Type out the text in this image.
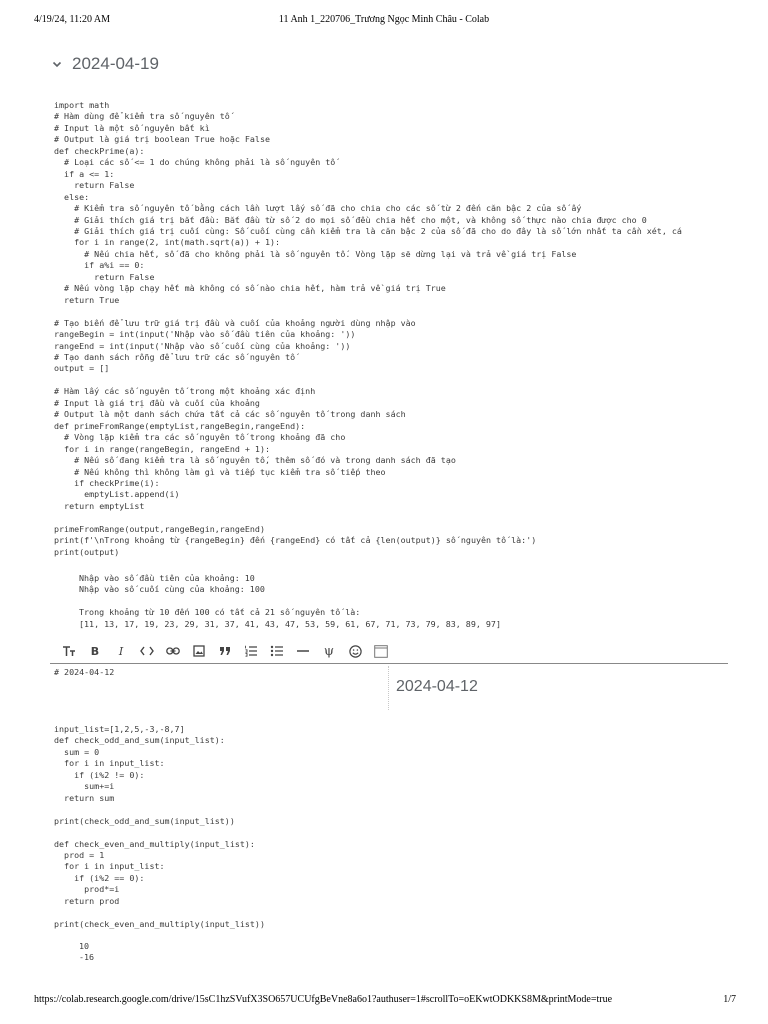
4/19/24, 11:20 AM	11 Anh 1_220706_Trương Ngọc Minh Châu - Colab
2024-04-19
import math
# Hàm dùng để kiểm tra số nguyên tố
# Input là một số nguyên bất kì
# Output là giá trị boolean True hoặc False
def checkPrime(a):
# Loại các số <= 1 do chúng không phải là số nguyên tố
if a <= 1:
return False
else:
# Kiểm tra số nguyên tố bằng cách lần lượt lấy số đã cho chia cho các số từ 2 đến căn bậc 2 của số ấy
# Giải thích giá trị bắt đầu: Bắt đầu từ số 2 do mọi số đều chia hết cho một, và không số thực nào chia được cho 0
# Giải thích giá trị cuối cùng: Số cuối cùng cần kiểm tra là căn bậc 2 của số đã cho do đây là số lớn nhất ta cần xét, cá
for i in range(2, int(math.sqrt(a)) + 1):
# Nếu chia hết, số đã cho không phải là số nguyên tố. Vòng lặp sẽ dừng lại và trả về giá trị False
if a%i == 0:
return False
# Nếu vòng lặp chạy hết mà không có số nào chia hết, hàm trả về giá trị True
return True

# Tạo biến để lưu trữ giá trị đầu và cuối của khoảng người dùng nhập vào
rangeBegin = int(input('Nhập vào số đầu tiên của khoảng: '))
rangeEnd = int(input('Nhập vào số cuối cùng của khoảng: '))
# Tạo danh sách rỗng để lưu trữ các số nguyên tố
output = []

# Hàm lấy các số nguyên tố trong một khoảng xác định
# Input là giá trị đầu và cuối của khoảng
# Output là một danh sách chứa tất cả các số nguyên tố trong danh sách
def primeFromRange(emptyList,rangeBegin,rangeEnd):
# Vòng lặp kiểm tra các số nguyên tố trong khoảng đã cho
for i in range(rangeBegin, rangeEnd + 1):
# Nếu số đang kiểm tra là số nguyên tố, thêm số đó và trong danh sách đã tạo
# Nếu không thì không làm gì và tiếp tục kiểm tra số tiếp theo
if checkPrime(i):
emptyList.append(i)
return emptyList

primeFromRange(output,rangeBegin,rangeEnd)
print(f'\nTrong khoảng từ {rangeBegin} đến {rangeEnd} có tất cả {len(output)} số nguyên tố là:')
print(output)
Nhập vào số đầu tiên của khoảng: 10
Nhập vào số cuối cùng của khoảng: 100

Trong khoảng từ 10 đến 100 có tất cả 21 số nguyên tố là:
[11, 13, 17, 19, 23, 29, 31, 37, 41, 43, 47, 53, 59, 61, 67, 71, 73, 79, 83, 89, 97]
B	I	ψ
# 2024-04-12
2024-04-12
input_list=[1,2,5,-3,-8,7]
def check_odd_and_sum(input_list):
sum = 0
for i in input_list:
if (i%2 != 0):
sum+=i
return sum

print(check_odd_and_sum(input_list))

def check_even_and_multiply(input_list):
prod = 1
for i in input_list:
if (i%2 == 0):
prod*=i
return prod

print(check_even_and_multiply(input_list))
10
-16
https://colab.research.google.com/drive/15sC1hzSVufX3SO657UCUfgBeVne8a6o1?authuser=1#scrollTo=oEKwtODKKS8M&printMode=true	1/7
